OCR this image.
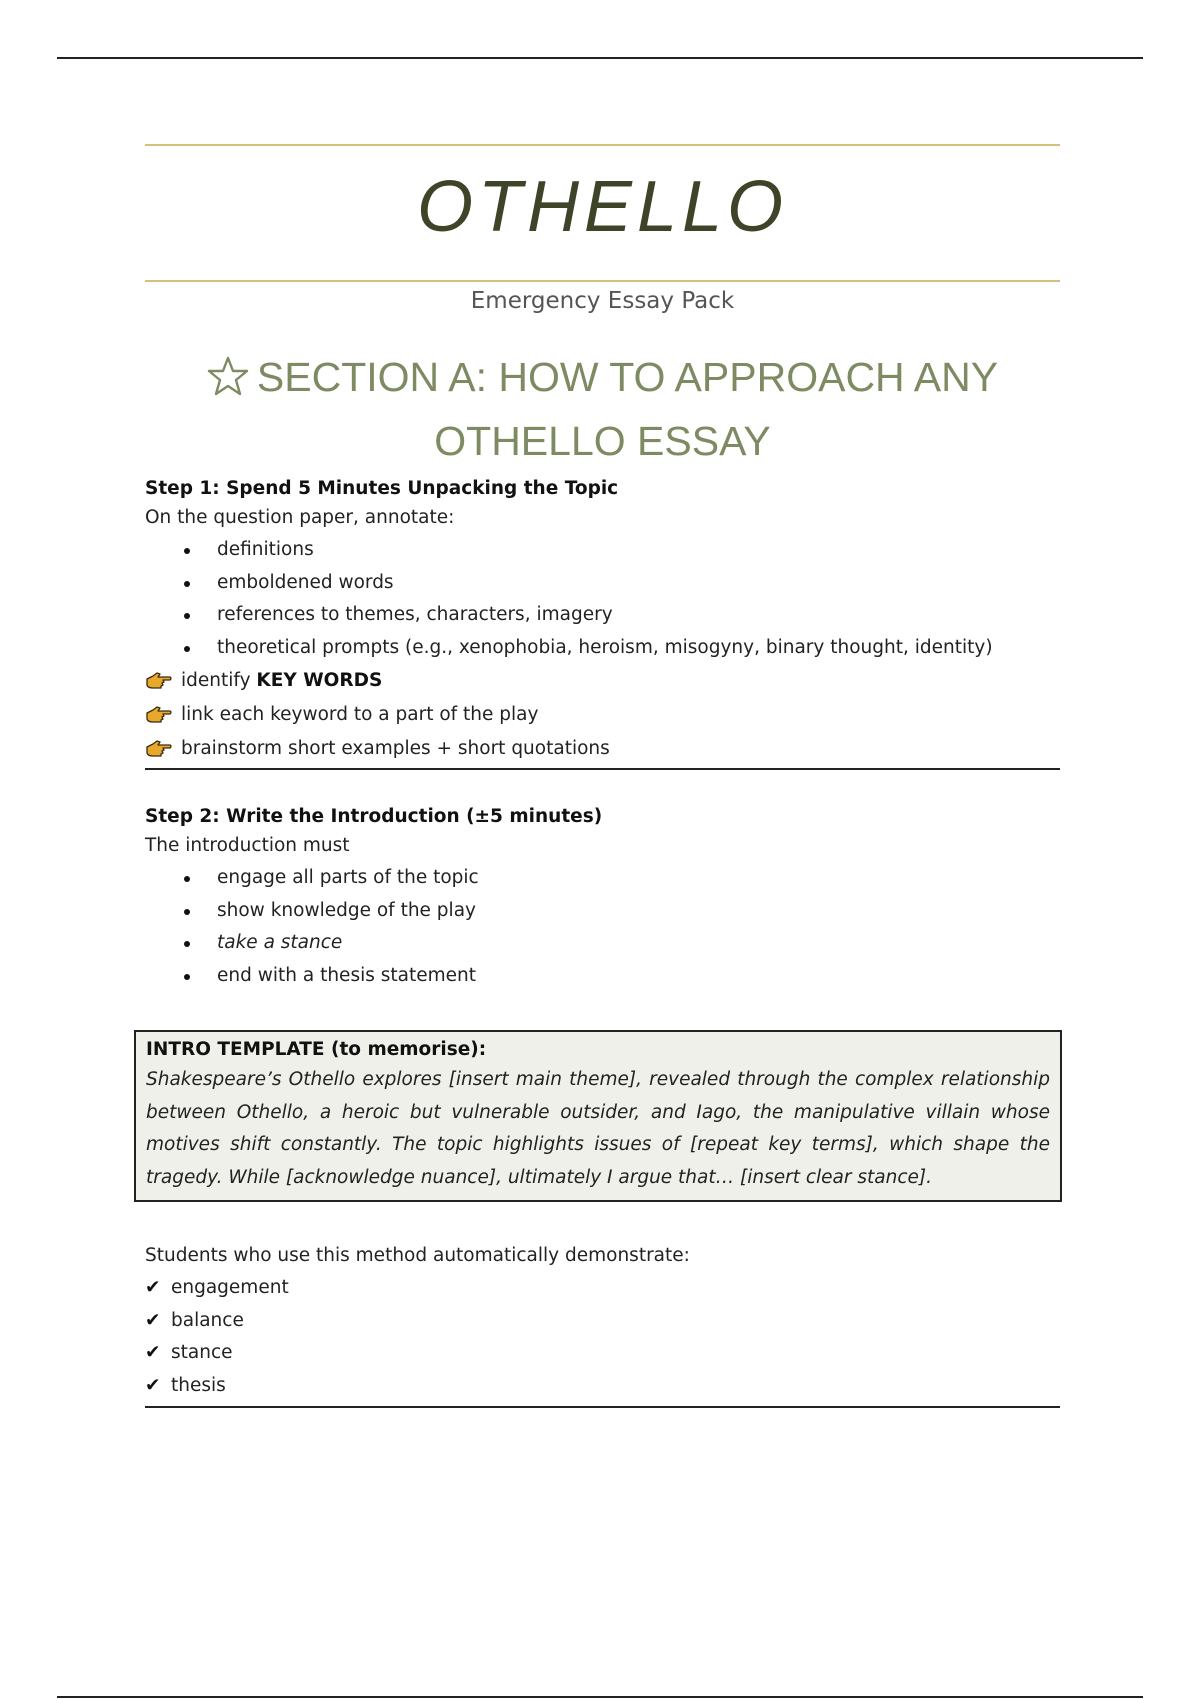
OTHELLO
Emergency Essay Pack
SECTION A: HOW TO APPROACH ANY OTHELLO ESSAY
Step 1: Spend 5 Minutes Unpacking the Topic
On the question paper, annotate:
definitions
emboldened words
references to themes, characters, imagery
theoretical prompts (e.g., xenophobia, heroism, misogyny, binary thought, identity)
identify KEY WORDS
link each keyword to a part of the play
brainstorm short examples + short quotations
Step 2: Write the Introduction (±5 minutes)
The introduction must
engage all parts of the topic
show knowledge of the play
take a stance
end with a thesis statement
INTRO TEMPLATE (to memorise):
Shakespeare’s Othello explores [insert main theme], revealed through the complex relationship between Othello, a heroic but vulnerable outsider, and Iago, the manipulative villain whose motives shift constantly. The topic highlights issues of [repeat key terms], which shape the tragedy. While [acknowledge nuance], ultimately I argue that… [insert clear stance].
Students who use this method automatically demonstrate:
✔ engagement
✔ balance
✔ stance
✔ thesis
